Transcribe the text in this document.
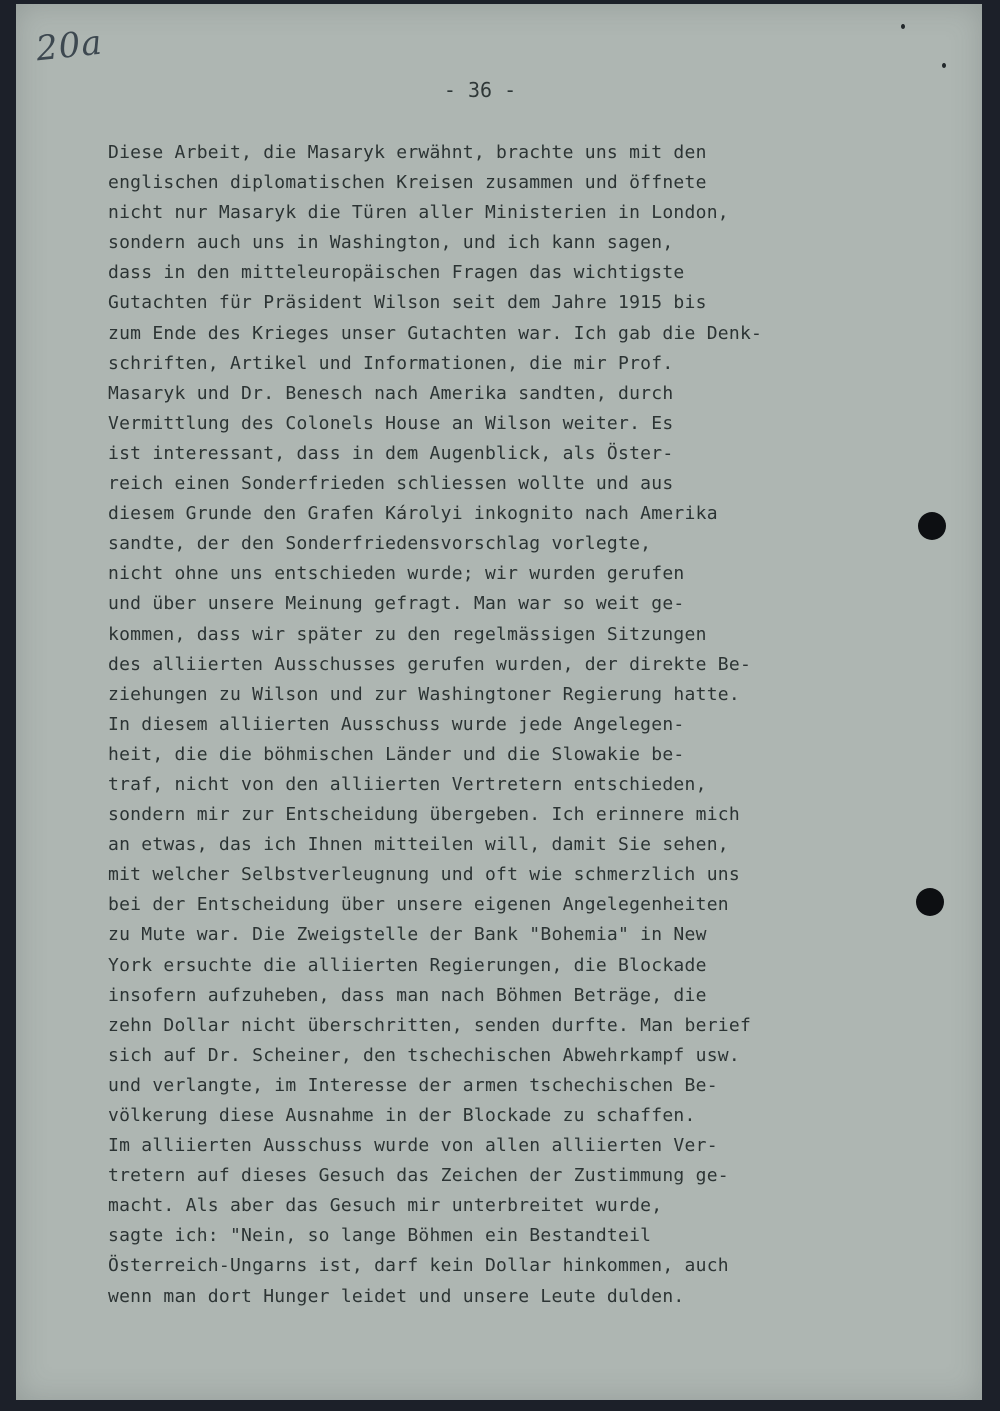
20a
- 36 -
Diese Arbeit, die Masaryk erwähnt, brachte uns mit den
englischen diplomatischen Kreisen zusammen und öffnete
nicht nur Masaryk die Türen aller Ministerien in London,
sondern auch uns in Washington, und ich kann sagen,
dass in den mitteleuropäischen Fragen das wichtigste
Gutachten für Präsident Wilson seit dem Jahre 1915 bis
zum Ende des Krieges unser Gutachten war. Ich gab die Denk-
schriften, Artikel und Informationen, die mir Prof.
Masaryk und Dr. Benesch nach Amerika sandten, durch
Vermittlung des Colonels House an Wilson weiter. Es
ist interessant, dass in dem Augenblick, als Öster-
reich einen Sonderfrieden schliessen wollte und aus
diesem Grunde den Grafen Károlyi inkognito nach Amerika
sandte, der den Sonderfriedensvorschlag vorlegte,
nicht ohne uns entschieden wurde; wir wurden gerufen
und über unsere Meinung gefragt. Man war so weit ge-
kommen, dass wir später zu den regelmässigen Sitzungen
des alliierten Ausschusses gerufen wurden, der direkte Be-
ziehungen zu Wilson und zur Washingtoner Regierung hatte.
In diesem alliierten Ausschuss wurde jede Angelegen-
heit, die die böhmischen Länder und die Slowakie be-
traf, nicht von den alliierten Vertretern entschieden,
sondern mir zur Entscheidung übergeben. Ich erinnere mich
an etwas, das ich Ihnen mitteilen will, damit Sie sehen,
mit welcher Selbstverleugnung und oft wie schmerzlich uns
bei der Entscheidung über unsere eigenen Angelegenheiten
zu Mute war. Die Zweigstelle der Bank "Bohemia" in New
York ersuchte die alliierten Regierungen, die Blockade
insofern aufzuheben, dass man nach Böhmen Beträge, die
zehn Dollar nicht überschritten, senden durfte. Man berief
sich auf Dr. Scheiner, den tschechischen Abwehrkampf usw.
und verlangte, im Interesse der armen tschechischen Be-
völkerung diese Ausnahme in der Blockade zu schaffen.
Im alliierten Ausschuss wurde von allen alliierten Ver-
tretern auf dieses Gesuch das Zeichen der Zustimmung ge-
macht. Als aber das Gesuch mir unterbreitet wurde,
sagte ich: "Nein, so lange Böhmen ein Bestandteil
Österreich-Ungarns ist, darf kein Dollar hinkommen, auch
wenn man dort Hunger leidet und unsere Leute dulden.
